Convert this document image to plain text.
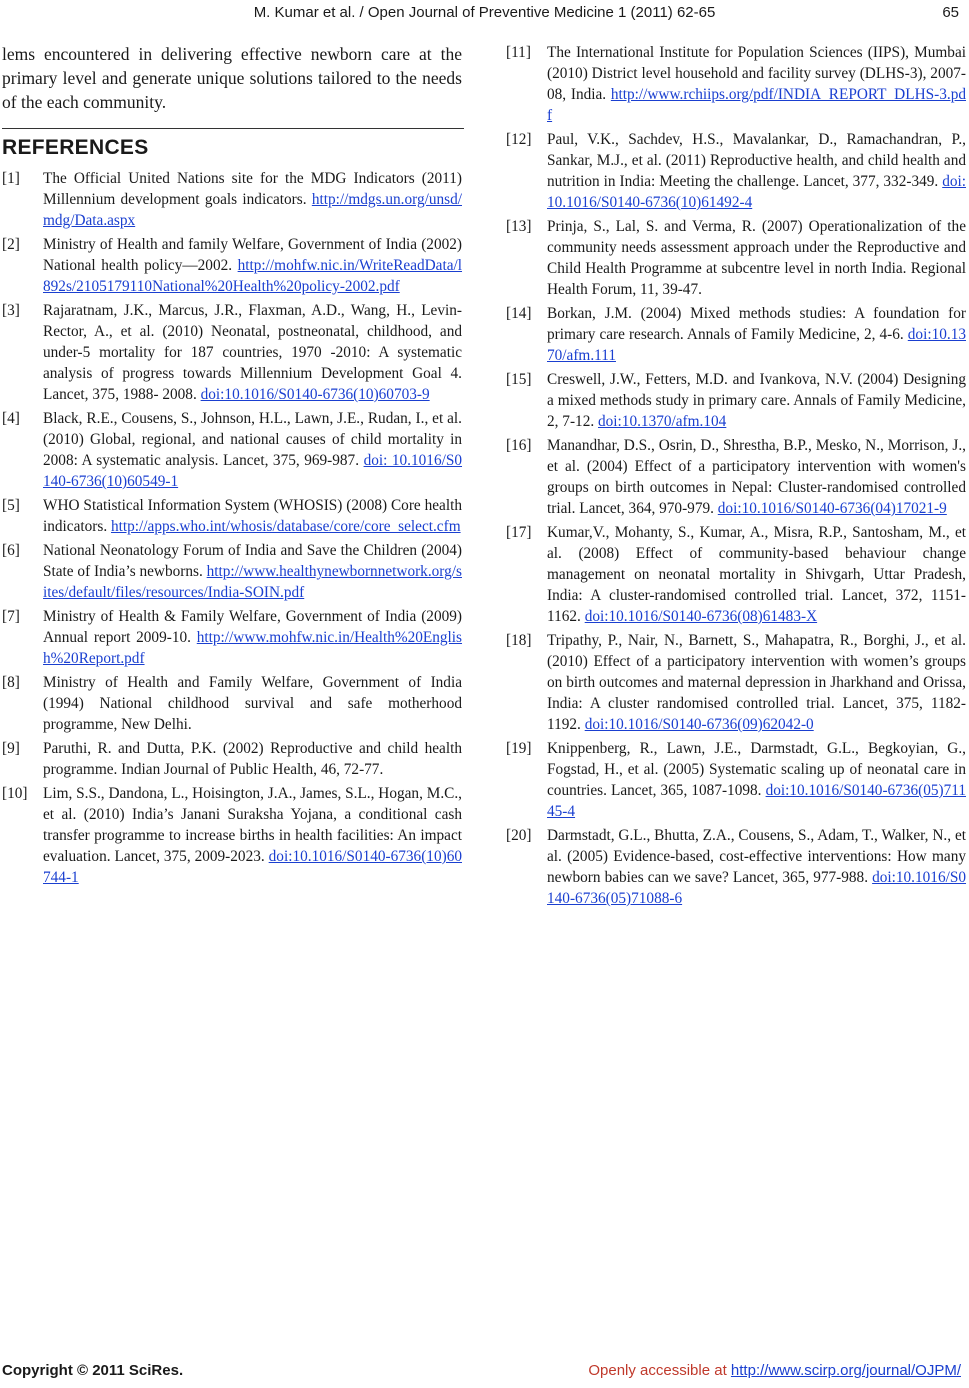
M. Kumar et al. / Open Journal of Preventive Medicine 1 (2011) 62-65	65

lems encountered in delivering effective newborn care at the primary level and generate unique solutions tailored to the needs of the each community.

REFERENCES
[1]	The Official United Nations site for the MDG Indicators (2011) Millennium development goals indicators. http://mdgs.un.org/unsd/mdg/Data.aspx
[2]	Ministry of Health and family Welfare, Government of India (2002) National health policy—2002. http://mohfw.nic.in/WriteReadData/l892s/2105179110National%20Health%20policy-2002.pdf
[3]	Rajaratnam, J.K., Marcus, J.R., Flaxman, A.D., Wang, H., Levin-Rector, A., et al. (2010) Neonatal, postneonatal, childhood, and under-5 mortality for 187 countries, 1970 -2010: A systematic analysis of progress towards Millennium Development Goal 4. Lancet, 375, 1988- 2008. doi:10.1016/S0140-6736(10)60703-9
[4]	Black, R.E., Cousens, S., Johnson, H.L., Lawn, J.E., Rudan, I., et al. (2010) Global, regional, and national causes of child mortality in 2008: A systematic analysis. Lancet, 375, 969-987. doi: 10.1016/S0140-6736(10)60549-1
[5]	WHO Statistical Information System (WHOSIS) (2008) Core health indicators. http://apps.who.int/whosis/database/core/core_select.cfm
[6]	National Neonatology Forum of India and Save the Children (2004) State of India’s newborns. http://www.healthynewbornnetwork.org/sites/default/files/resources/India-SOIN.pdf
[7]	Ministry of Health & Family Welfare, Government of India (2009) Annual report 2009-10. http://www.mohfw.nic.in/Health%20English%20Report.pdf
[8]	Ministry of Health and Family Welfare, Government of India (1994) National childhood survival and safe motherhood programme, New Delhi.
[9]	Paruthi, R. and Dutta, P.K. (2002) Reproductive and child health programme. Indian Journal of Public Health, 46, 72-77.
[10]	Lim, S.S., Dandona, L., Hoisington, J.A., James, S.L., Hogan, M.C., et al. (2010) India’s Janani Suraksha Yojana, a conditional cash transfer programme to increase births in health facilities: An impact evaluation. Lancet, 375, 2009-2023. doi:10.1016/S0140-6736(10)60744-1
[11]	The International Institute for Population Sciences (IIPS), Mumbai (2010) District level household and facility survey (DLHS-3), 2007-08, India. http://www.rchiips.org/pdf/INDIA_REPORT_DLHS-3.pdf
[12]	Paul, V.K., Sachdev, H.S., Mavalankar, D., Ramachandran, P., Sankar, M.J., et al. (2011) Reproductive health, and child health and nutrition in India: Meeting the challenge. Lancet, 377, 332-349. doi:10.1016/S0140-6736(10)61492-4
[13]	Prinja, S., Lal, S. and Verma, R. (2007) Operationalization of the community needs assessment approach under the Reproductive and Child Health Programme at subcentre level in north India. Regional Health Forum, 11, 39-47.
[14]	Borkan, J.M. (2004) Mixed methods studies: A foundation for primary care research. Annals of Family Medicine, 2, 4-6. doi:10.1370/afm.111
[15]	Creswell, J.W., Fetters, M.D. and Ivankova, N.V. (2004) Designing a mixed methods study in primary care. Annals of Family Medicine, 2, 7-12. doi:10.1370/afm.104
[16]	Manandhar, D.S., Osrin, D., Shrestha, B.P., Mesko, N., Morrison, J., et al. (2004) Effect of a participatory intervention with women's groups on birth outcomes in Nepal: Cluster-randomised controlled trial. Lancet, 364, 970-979. doi:10.1016/S0140-6736(04)17021-9
[17]	Kumar,V., Mohanty, S., Kumar, A., Misra, R.P., Santosham, M., et al. (2008) Effect of community-based behaviour change management on neonatal mortality in Shivgarh, Uttar Pradesh, India: A cluster-randomised controlled trial. Lancet, 372, 1151-1162. doi:10.1016/S0140-6736(08)61483-X
[18]	Tripathy, P., Nair, N., Barnett, S., Mahapatra, R., Borghi, J., et al. (2010) Effect of a participatory intervention with women’s groups on birth outcomes and maternal depression in Jharkhand and Orissa, India: A cluster randomised controlled trial. Lancet, 375, 1182-1192. doi:10.1016/S0140-6736(09)62042-0
[19]	Knippenberg, R., Lawn, J.E., Darmstadt, G.L., Begkoyian, G., Fogstad, H., et al. (2005) Systematic scaling up of neonatal care in countries. Lancet, 365, 1087-1098. doi:10.1016/S0140-6736(05)71145-4
[20]	Darmstadt, G.L., Bhutta, Z.A., Cousens, S., Adam, T., Walker, N., et al. (2005) Evidence-based, cost-effective interventions: How many newborn babies can we save? Lancet, 365, 977-988. doi:10.1016/S0140-6736(05)71088-6
Copyright © 2011 SciRes.	Openly accessible at http://www.scirp.org/journal/OJPM/
